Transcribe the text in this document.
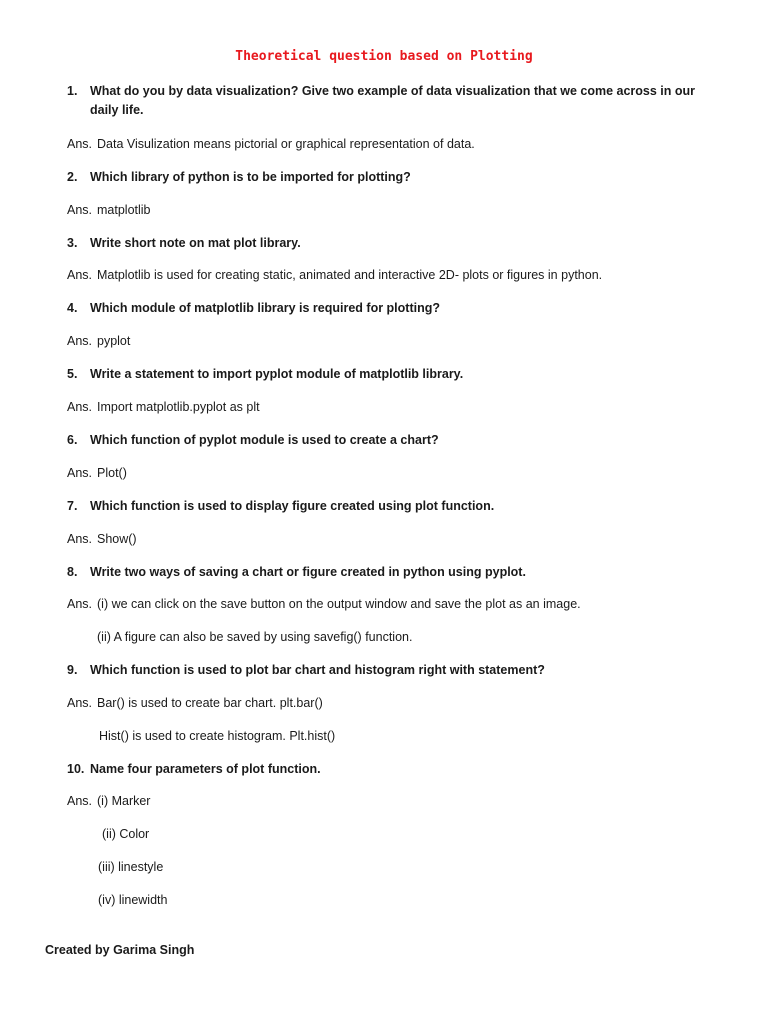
Theoretical question based on Plotting
1. What do you by data visualization? Give two example of data visualization that we come across in our daily life.
Ans. Data Visulization means pictorial or graphical representation of data.
2. Which library of python is to be imported for plotting?
Ans. matplotlib
3. Write short note on mat plot library.
Ans. Matplotlib is used for creating static, animated and interactive 2D- plots or figures in python.
4. Which module of matplotlib library is required for plotting?
Ans. pyplot
5. Write a statement to import pyplot module of matplotlib library.
Ans. Import matplotlib.pyplot as plt
6. Which function of pyplot module is used to create a chart?
Ans. Plot()
7. Which function is used to display figure created using plot function.
Ans. Show()
8. Write two ways of saving a chart or figure created in python using pyplot.
Ans. (i) we can click on the save button on the output window and save the plot as an image.
(ii) A figure can also be saved by using savefig() function.
9. Which function is used to plot bar chart and histogram right with statement?
Ans. Bar() is used to create bar chart. plt.bar()
Hist() is used to create histogram. Plt.hist()
10. Name four parameters of plot function.
Ans. (i) Marker
(ii) Color
(iii) linestyle
(iv) linewidth
Created by Garima Singh
